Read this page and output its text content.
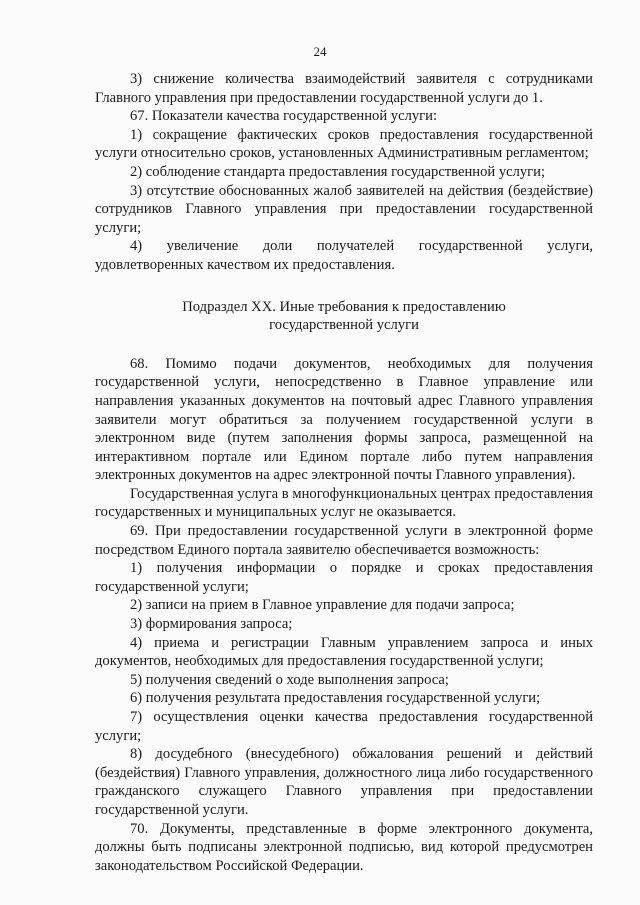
24

3) снижение количества взаимодействий заявителя с сотрудниками Главного управления при предоставлении государственной услуги до 1.

67. Показатели качества государственной услуги:

1) сокращение фактических сроков предоставления государственной услуги относительно сроков, установленных Административным регламентом;

2) соблюдение стандарта предоставления государственной услуги;

3) отсутствие обоснованных жалоб заявителей на действия (бездействие) сотрудников Главного управления при предоставлении государственной услуги;

4) увеличение доли получателей государственной услуги, удовлетворенных качеством их предоставления.

Подраздел XX. Иные требования к предоставлению
государственной услуги

68. Помимо подачи документов, необходимых для получения государственной услуги, непосредственно в Главное управление или направления указанных документов на почтовый адрес Главного управления заявители могут обратиться за получением государственной услуги в электронном виде (путем заполнения формы запроса, размещенной на интерактивном портале или Едином портале либо путем направления электронных документов на адрес электронной почты Главного управления).

Государственная услуга в многофункциональных центрах предоставления государственных и муниципальных услуг не оказывается.

69. При предоставлении государственной услуги в электронной форме посредством Единого портала заявителю обеспечивается возможность:

1) получения информации о порядке и сроках предоставления государственной услуги;

2) записи на прием в Главное управление для подачи запроса;

3) формирования запроса;

4) приема и регистрации Главным управлением запроса и иных документов, необходимых для предоставления государственной услуги;

5) получения сведений о ходе выполнения запроса;

6) получения результата предоставления государственной услуги;

7) осуществления оценки качества предоставления государственной услуги;

8) досудебного (внесудебного) обжалования решений и действий (бездействия) Главного управления, должностного лица либо государственного гражданского служащего Главного управления при предоставлении государственной услуги.

70. Документы, представленные в форме электронного документа, должны быть подписаны электронной подписью, вид которой предусмотрен законодательством Российской Федерации.
